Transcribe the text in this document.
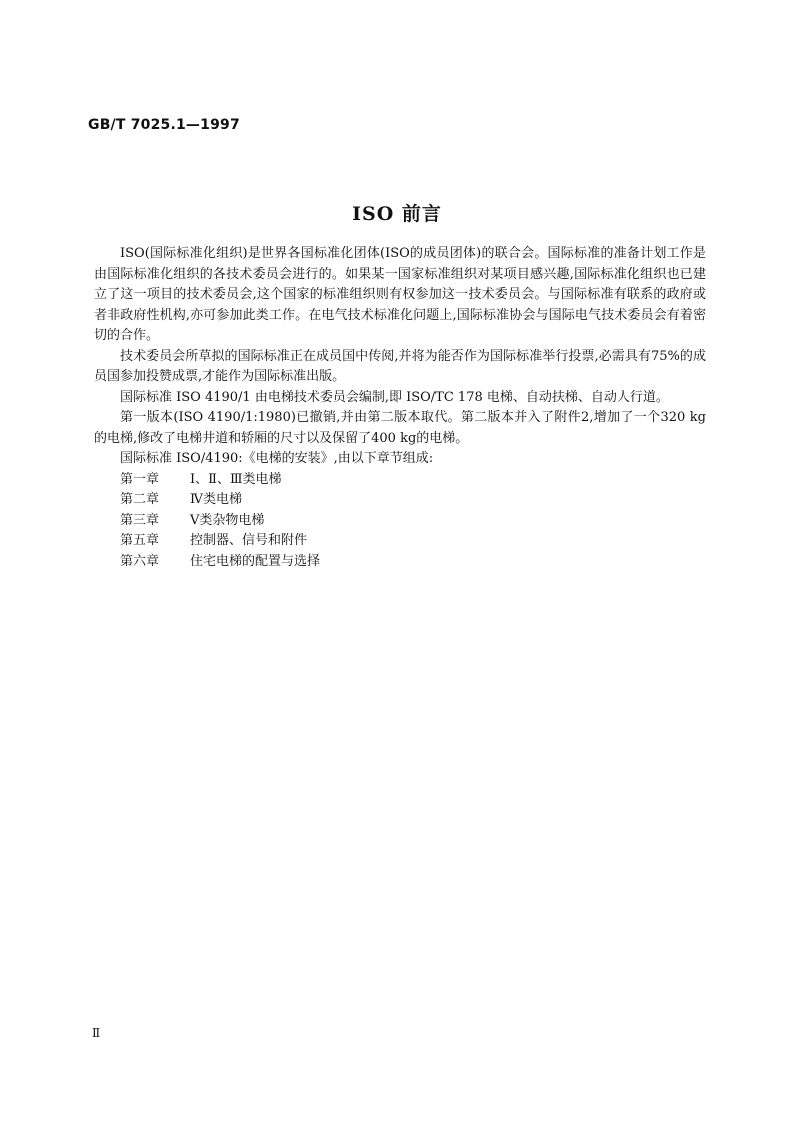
GB/T 7025.1—1997
ISO 前言

ISO(国际标准化组织)是世界各国标准化团体(ISO的成员团体)的联合会。国际标准的准备计划工作是由国际标准化组织的各技术委员会进行的。如果某一国家标准组织对某项目感兴趣,国际标准化组织也已建立了这一项目的技术委员会,这个国家的标准组织则有权参加这一技术委员会。与国际标准有联系的政府或者非政府性机构,亦可参加此类工作。在电气技术标准化问题上,国际标准协会与国际电气技术委员会有着密切的合作。

技术委员会所草拟的国际标准正在成员国中传阅,并将为能否作为国际标准举行投票,必需具有75%的成员国参加投赞成票,才能作为国际标准出版。

国际标准 ISO 4190/1 由电梯技术委员会编制,即 ISO/TC 178 电梯、自动扶梯、自动人行道。

第一版本(ISO 4190/1:1980)已撤销,并由第二版本取代。第二版本并入了附件2,增加了一个320 kg的电梯,修改了电梯井道和轿厢的尺寸以及保留了400 kg的电梯。

国际标准 ISO/4190:《电梯的安装》,由以下章节组成:

第一章 Ⅰ、Ⅱ、Ⅲ类电梯
第二章 Ⅳ类电梯
第三章 Ⅴ类杂物电梯
第五章 控制器、信号和附件
第六章 住宅电梯的配置与选择
Ⅱ
